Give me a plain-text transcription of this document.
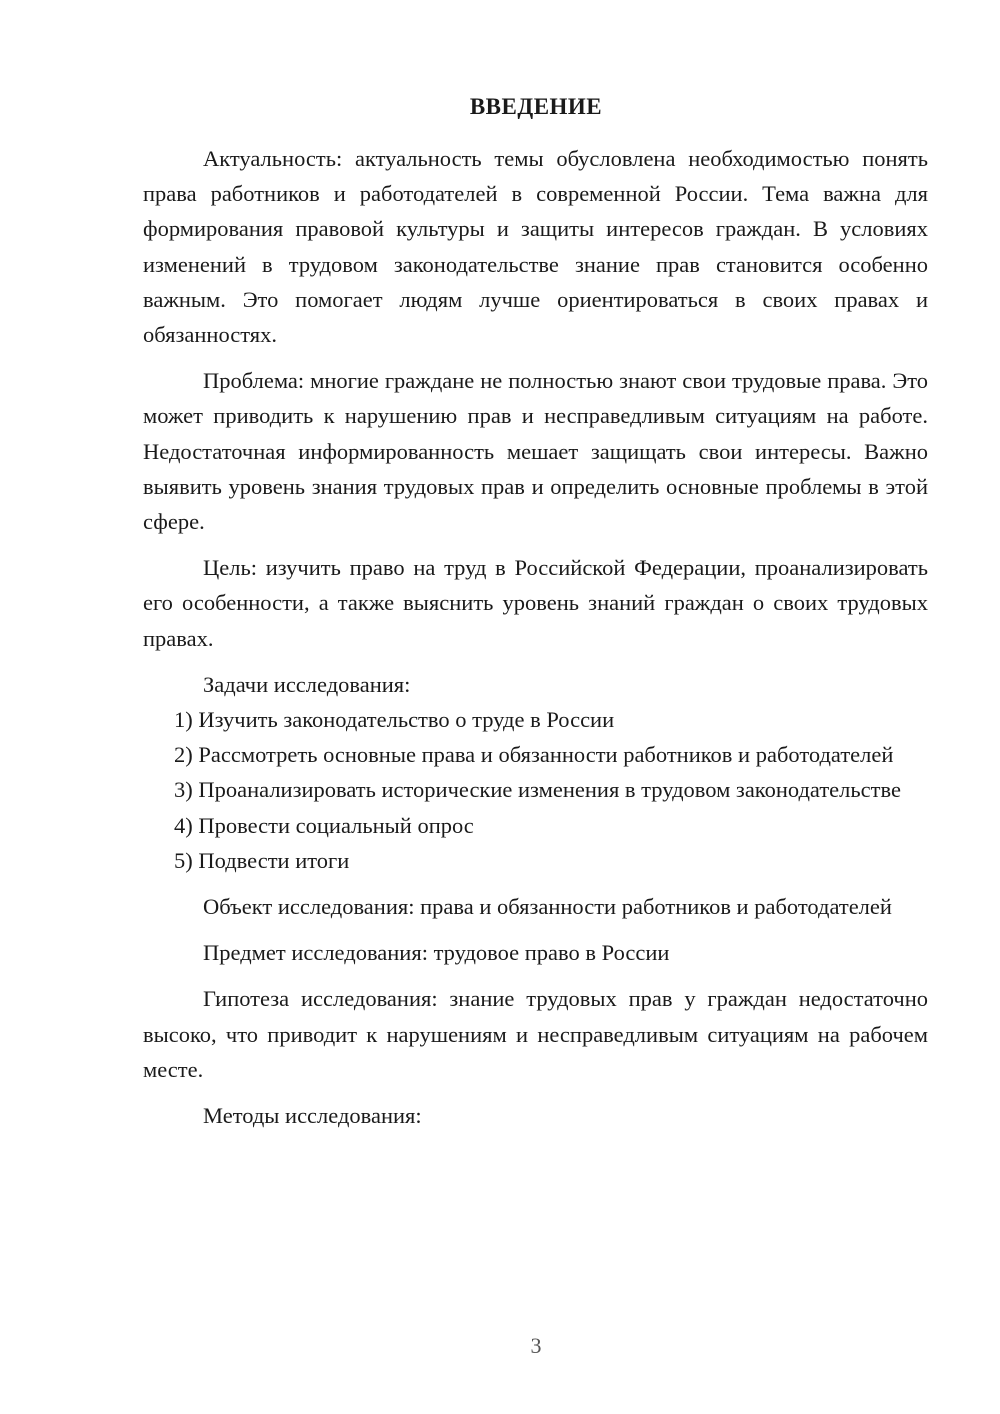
ВВЕДЕНИЕ

Актуальность: актуальность темы обусловлена необходимостью понять права работников и работодателей в современной России. Тема важна для формирования правовой культуры и защиты интересов граждан. В условиях изменений в трудовом законодательстве знание прав становится особенно важным. Это помогает людям лучше ориентироваться в своих правах и обязанностях.

Проблема: многие граждане не полностью знают свои трудовые права. Это может приводить к нарушению прав и несправедливым ситуациям на работе. Недостаточная информированность мешает защищать свои интересы. Важно выявить уровень знания трудовых прав и определить основные проблемы в этой сфере.

Цель: изучить право на труд в Российской Федерации, проанализировать его особенности, а также выяснить уровень знаний граждан о своих трудовых правах.

Задачи исследования:

1) Изучить законодательство о труде в России

2) Рассмотреть основные права и обязанности работников и работодателей

3) Проанализировать исторические изменения в трудовом законодательстве

4) Провести социальный опрос

5) Подвести итоги

Объект исследования: права и обязанности работников и работодателей

Предмет исследования: трудовое право в России

Гипотеза исследования: знание трудовых прав у граждан недостаточно высоко, что приводит к нарушениям и несправедливым ситуациям на рабочем месте.

Методы исследования:

3
